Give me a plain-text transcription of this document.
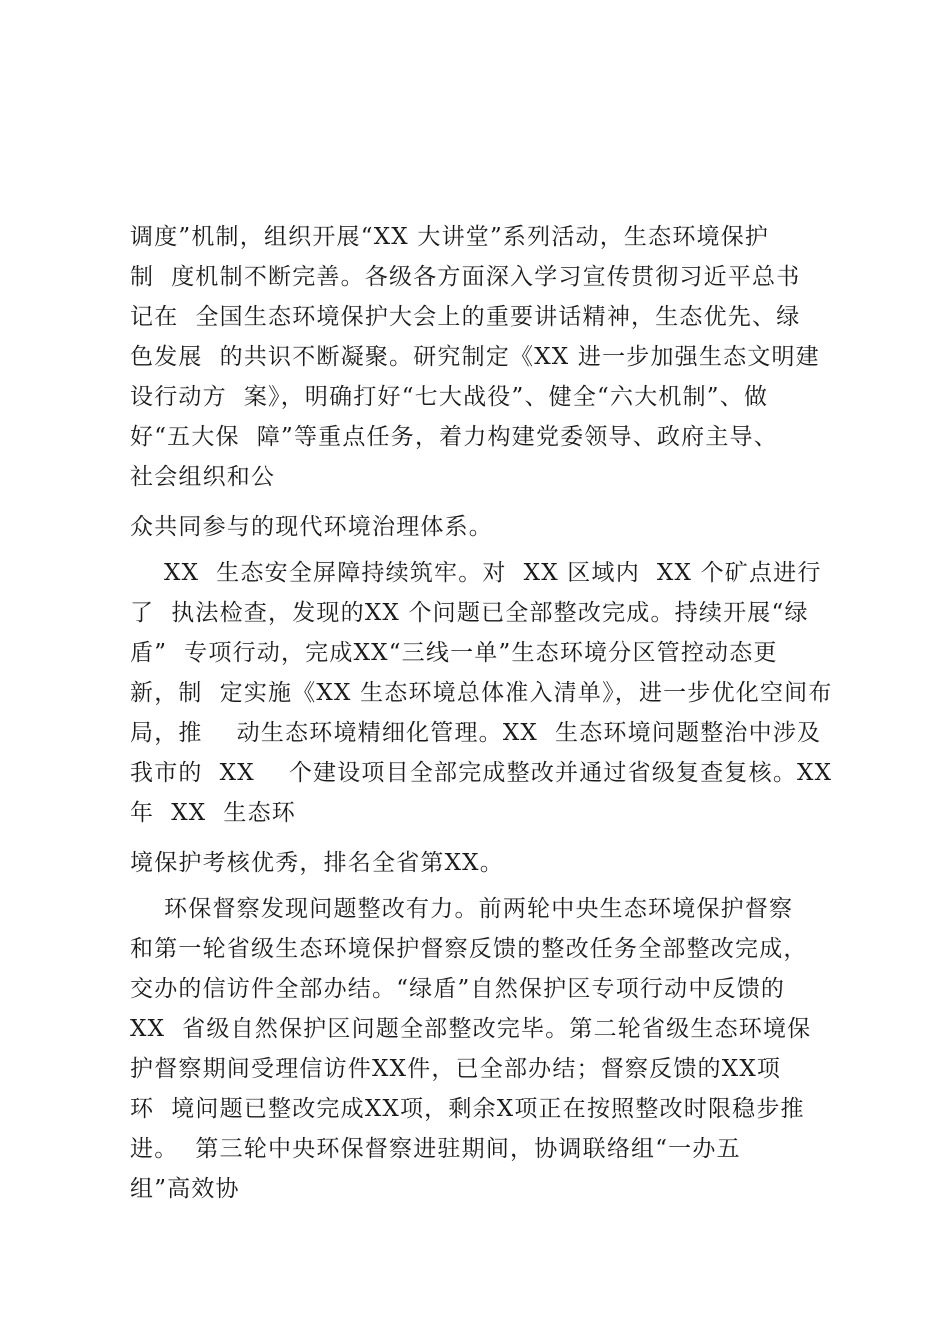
调度”机制，组织开展“XX 大讲堂”系列活动，生态环境保护
制  度机制不断完善。各级各方面深入学习宣传贯彻习近平总书
记在  全国生态环境保护大会上的重要讲话精神，生态优先、绿
色发展  的共识不断凝聚。研究制定《XX 进一步加强生态文明建
设行动方  案》，明确打好“七大战役”、健全“六大机制”、做
好“五大保  障”等重点任务，着力构建党委领导、政府主导、
社会组织和公
众共同参与的现代环境治理体系。
XX  生态安全屏障持续筑牢。对  XX 区域内  XX 个矿点进行
了  执法检查，发现的XX 个问题已全部整改完成。持续开展“绿
盾”  专项行动，完成XX“三线一单”生态环境分区管控动态更
新，制  定实施《XX 生态环境总体准入清单》，进一步优化空间布
局，推    动生态环境精细化管理。XX  生态环境问题整治中涉及
我市的  XX    个建设项目全部完成整改并通过省级复查复核。XX
年  XX  生态环
境保护考核优秀，排名全省第XX。
环保督察发现问题整改有力。前两轮中央生态环境保护督察
和第一轮省级生态环境保护督察反馈的整改任务全部整改完成，
交办的信访件全部办结。“绿盾”自然保护区专项行动中反馈的
XX  省级自然保护区问题全部整改完毕。第二轮省级生态环境保
护督察期间受理信访件XX件，已全部办结；督察反馈的XX项
环  境问题已整改完成XX项，剩余X项正在按照整改时限稳步推
进。  第三轮中央环保督察进驻期间，协调联络组“一办五
组”高效协
